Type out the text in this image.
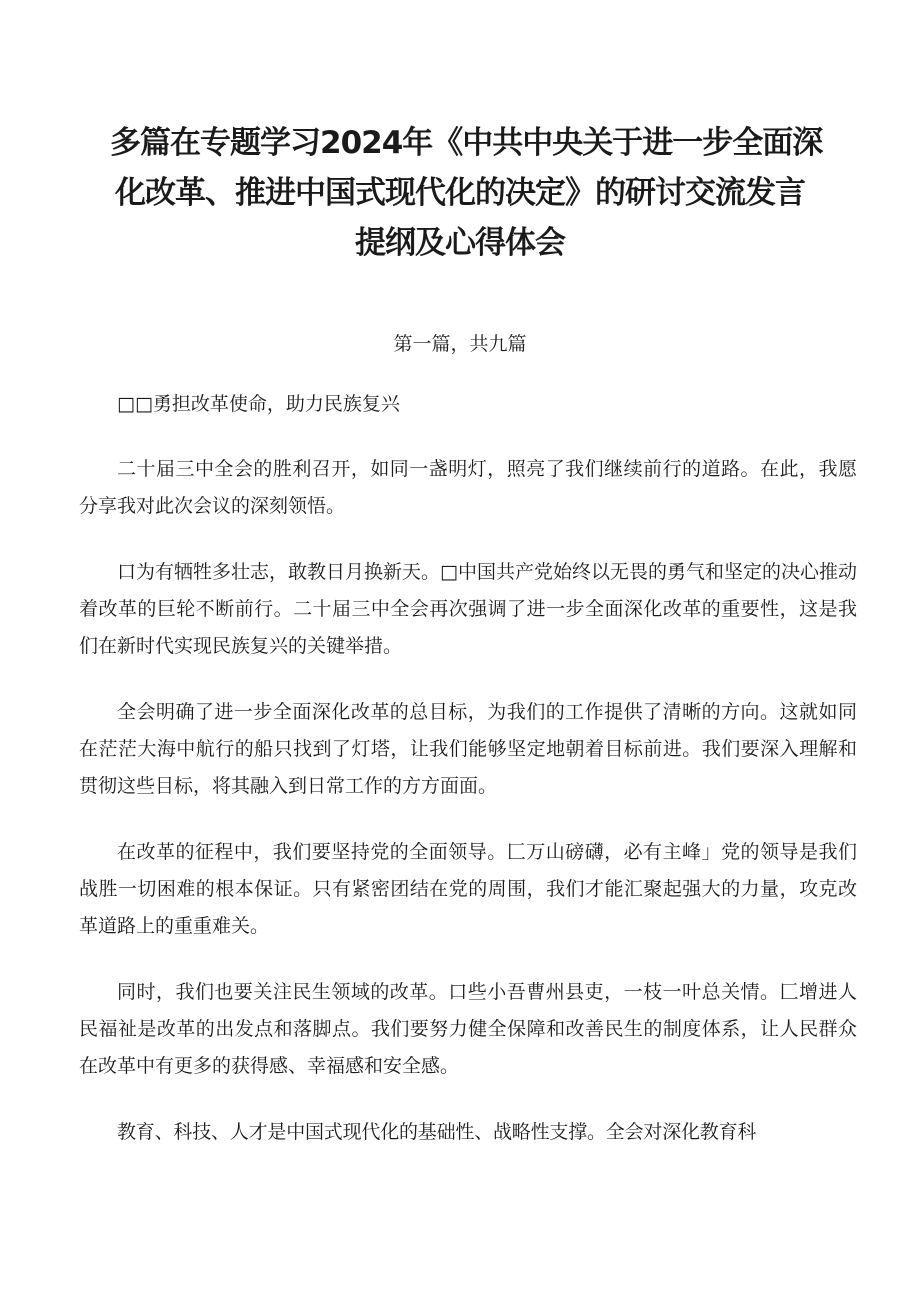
多篇在专题学习2024年《中共中央关于进一步全面深
化改革、推进中国式现代化的决定》的研讨交流发言
提纲及心得体会

第一篇，共九篇

□□勇担改革使命，助力民族复兴

二十届三中全会的胜利召开，如同一盏明灯，照亮了我们继续前行的道路。在此，我愿分享我对此次会议的深刻领悟。

口为有牺牲多壮志，敢教日月换新天。□中国共产党始终以无畏的勇气和坚定的决心推动着改革的巨轮不断前行。二十届三中全会再次强调了进一步全面深化改革的重要性，这是我们在新时代实现民族复兴的关键举措。

全会明确了进一步全面深化改革的总目标，为我们的工作提供了清晰的方向。这就如同在茫茫大海中航行的船只找到了灯塔，让我们能够坚定地朝着目标前进。我们要深入理解和贯彻这些目标，将其融入到日常工作的方方面面。

在改革的征程中，我们要坚持党的全面领导。匚万山磅礴，必有主峰」党的领导是我们战胜一切困难的根本保证。只有紧密团结在党的周围，我们才能汇聚起强大的力量，攻克改革道路上的重重难关。

同时，我们也要关注民生领域的改革。口些小吾曹州县吏，一枝一叶总关情。匚增进人民福祉是改革的出发点和落脚点。我们要努力健全保障和改善民生的制度体系，让人民群众在改革中有更多的获得感、幸福感和安全感。

教育、科技、人才是中国式现代化的基础性、战略性支撑。全会对深化教育科
